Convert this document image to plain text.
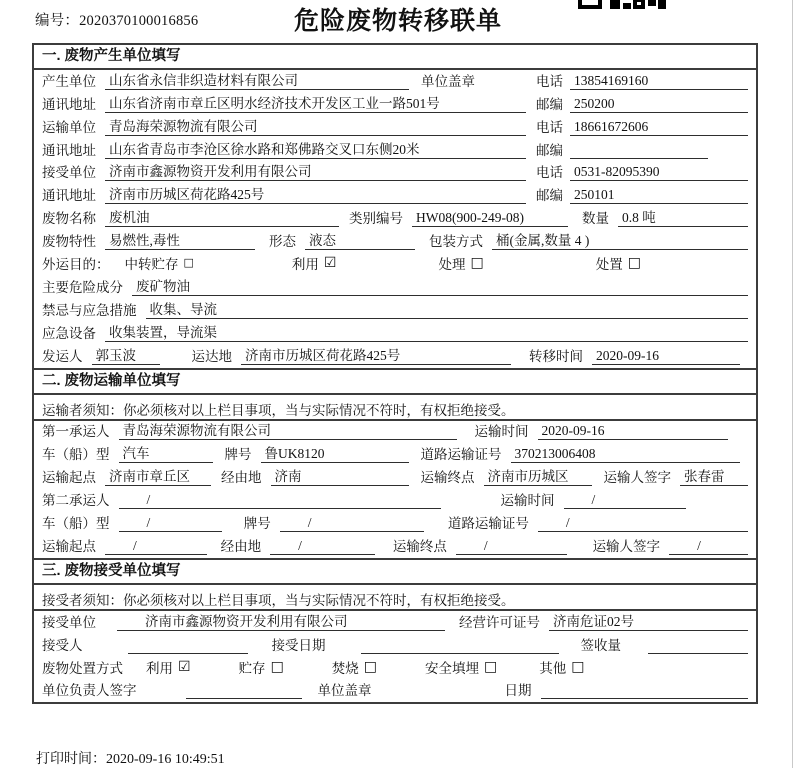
编号：2020370100016856	危险废物转移联单
一. 废物产生单位填写
产生单位 山东省永信非织造材料有限公司	单位盖章	电话 13854169160
通讯地址 山东省济南市章丘区明水经济技术开发区工业一路501号	邮编 250200
运输单位 青岛海荣源物流有限公司	电话 18661672606
通讯地址 山东省青岛市李沧区徐水路和郑佛路交叉口东侧20米	邮编
接受单位 济南市鑫源物资开发利用有限公司	电话 0531-82095390
通讯地址 济南市历城区荷花路425号	邮编 250101
废物名称 废机油	类别编号 HW08(900-249-08)	数量 0.8 吨
废物特性 易燃性,毒性	形态 液态	包装方式 桶(金属,数量 4 )
外运目的： 中转贮存 □	利用 ☑	处理 □	处置 □
主要危险成分 废矿物油
禁忌与应急措施 收集、导流
应急设备 收集装置，导流渠
发运人 郭玉波	运达地 济南市历城区荷花路425号	转移时间 2020-09-16
二. 废物运输单位填写
运输者须知：你必须核对以上栏目事项，当与实际情况不符时，有权拒绝接受。
第一承运人 青岛海荣源物流有限公司	运输时间 2020-09-16
车（船）型 汽车	牌号 鲁UK8120	道路运输证号 370213006408
运输起点 济南市章丘区	经由地 济南	运输终点 济南市历城区	运输人签字 张春雷
第二承运人	/	运输时间	/
车（船）型	/	牌号	/	道路运输证号	/
运输起点	/	经由地	/	运输终点	/	运输人签字	/
三. 废物接受单位填写
接受者须知：你必须核对以上栏目事项，当与实际情况不符时，有权拒绝接受。
接受单位	济南市鑫源物资开发利用有限公司	经营许可证号 济南危证02号
接受人	接受日期	签收量
废物处置方式 利用 ☑	贮存 □	焚烧 □	安全填埋 □	其他 □
单位负责人签字	单位盖章	日期
打印时间：2020-09-16 10:49:51
